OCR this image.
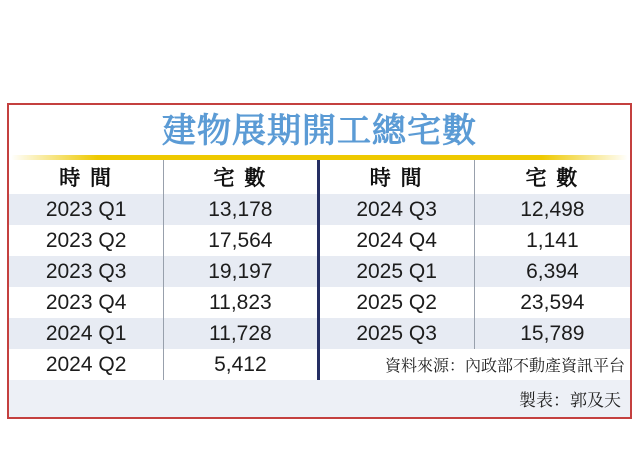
建物展期開工總宅數
時 間	宅 數	時 間	宅 數
2023 Q1	13,178	2024 Q3	12,498
2023 Q2	17,564	2024 Q4	1,141
2023 Q3	19,197	2025 Q1	6,394
2023 Q4	11,823	2025 Q2	23,594
2024 Q1	11,728	2025 Q3	15,789
2024 Q2	5,412	資料來源：內政部不動產資訊平台
製表：郭及天
